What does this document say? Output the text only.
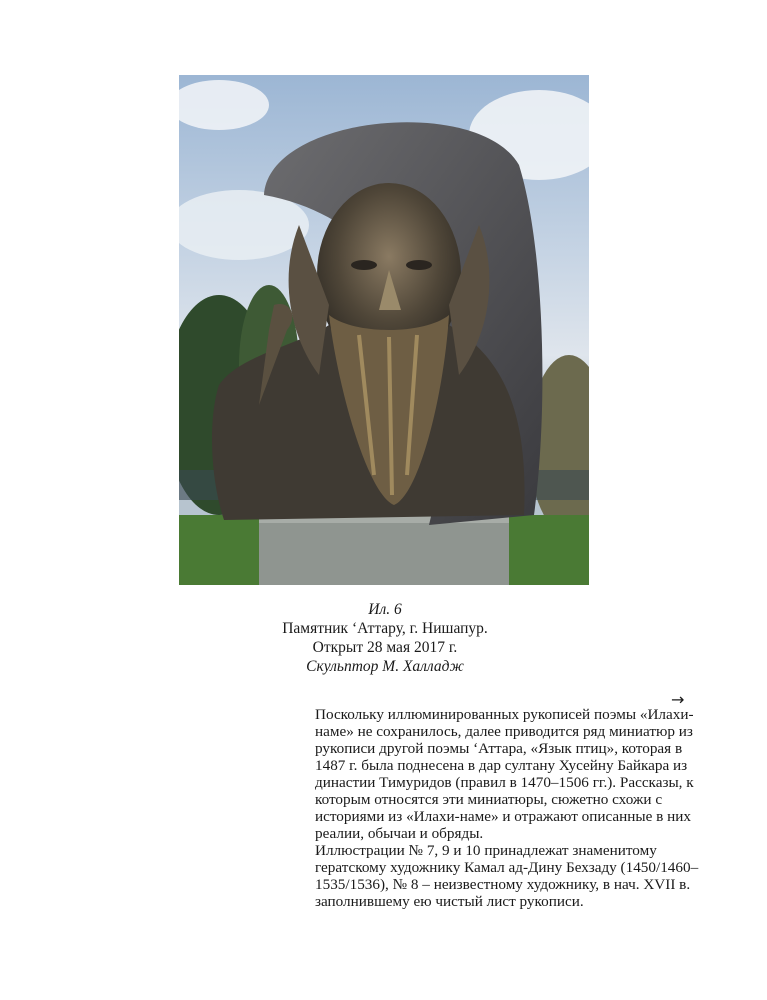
Ил. 6
Памятник ‘Аттару, г. Нишапур.
Открыт 28 мая 2017 г.
Скульптор М. Халладж
→

Поскольку иллюминированных рукописей поэмы «Илахи-наме» не сохранилось, далее приводится ряд миниатюр из рукописи другой поэмы ‘Аттара, «Язык птиц», которая в 1487 г. была поднесена в дар султану Хусейну Байкара из династии Тимуридов (правил в 1470–1506 гг.). Рассказы, к которым относятся эти миниатюры, сюжетно схожи с историями из «Илахи-наме» и отражают описанные в них реалии, обычаи и обряды.

Иллюстрации № 7, 9 и 10 принадлежат знаменитому гератскому художнику Камал ад-Дину Бехзаду (1450/1460–1535/1536), № 8 – неизвестному художнику, в нач. XVII в. заполнившему ею чистый лист рукописи.
